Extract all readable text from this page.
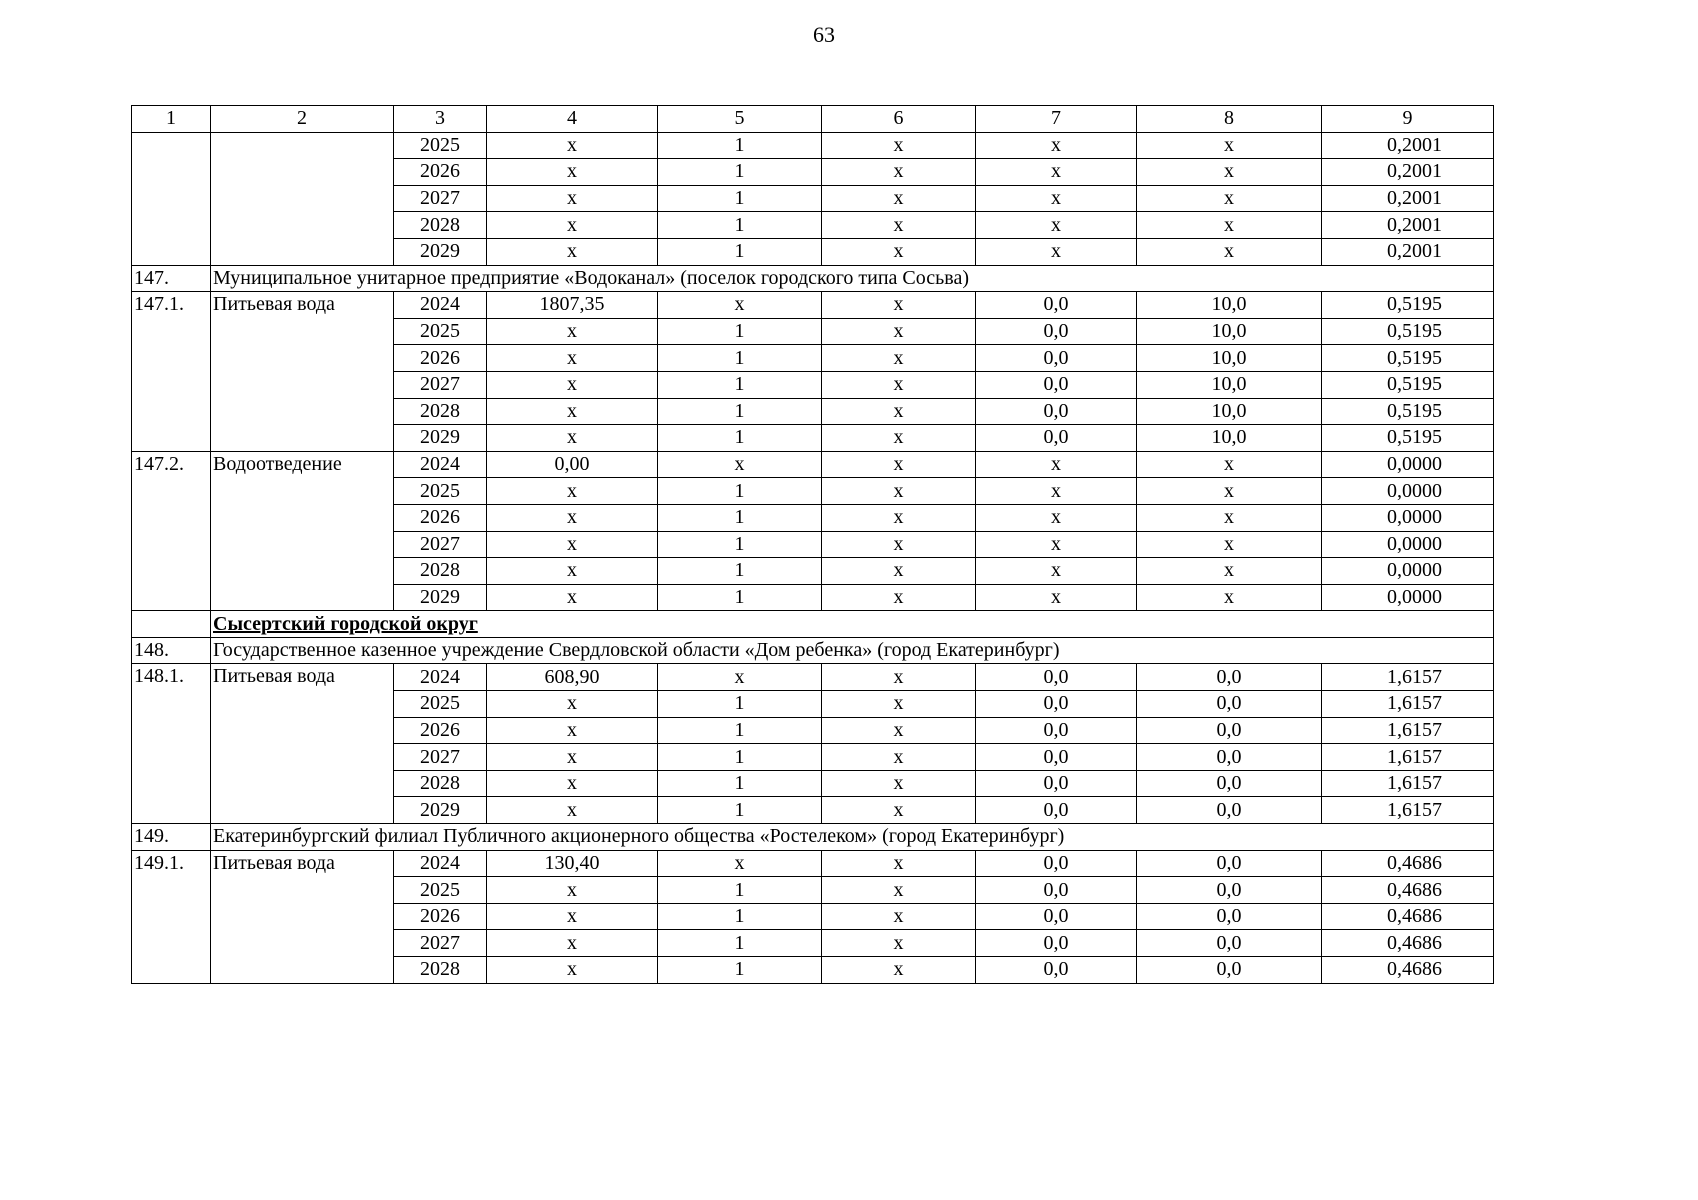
63
1	2	3	4	5	6	7	8	9
		2025	x	1	x	x	x	0,2001
		2026	x	1	x	x	x	0,2001
		2027	x	1	x	x	x	0,2001
		2028	x	1	x	x	x	0,2001
		2029	x	1	x	x	x	0,2001
147.	Муниципальное унитарное предприятие «Водоканал» (поселок городского типа Сосьва)							
147.1.	Питьевая вода	2024	1807,35	x	x	0,0	10,0	0,5195
		2025	x	1	x	0,0	10,0	0,5195
		2026	x	1	x	0,0	10,0	0,5195
		2027	x	1	x	0,0	10,0	0,5195
		2028	x	1	x	0,0	10,0	0,5195
		2029	x	1	x	0,0	10,0	0,5195
147.2.	Водоотведение	2024	0,00	x	x	x	x	0,0000
		2025	x	1	x	x	x	0,0000
		2026	x	1	x	x	x	0,0000
		2027	x	1	x	x	x	0,0000
		2028	x	1	x	x	x	0,0000
		2029	x	1	x	x	x	0,0000
	Сысертский городской округ							
148.	Государственное казенное учреждение Свердловской области «Дом ребенка» (город Екатеринбург)							
148.1.	Питьевая вода	2024	608,90	x	x	0,0	0,0	1,6157
		2025	x	1	x	0,0	0,0	1,6157
		2026	x	1	x	0,0	0,0	1,6157
		2027	x	1	x	0,0	0,0	1,6157
		2028	x	1	x	0,0	0,0	1,6157
		2029	x	1	x	0,0	0,0	1,6157
149.	Екатеринбургский филиал Публичного акционерного общества «Ростелеком» (город Екатеринбург)							
149.1.	Питьевая вода	2024	130,40	x	x	0,0	0,0	0,4686
		2025	x	1	x	0,0	0,0	0,4686
		2026	x	1	x	0,0	0,0	0,4686
		2027	x	1	x	0,0	0,0	0,4686
		2028	x	1	x	0,0	0,0	0,4686
